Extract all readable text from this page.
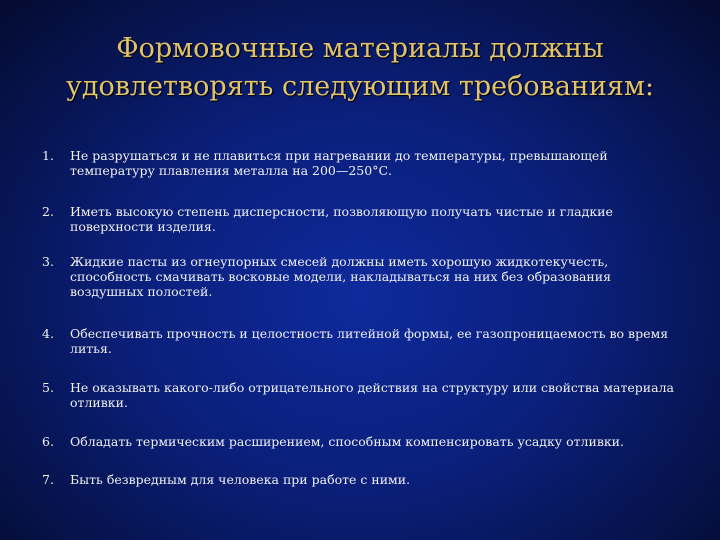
Формовочные материалы должны
удовлетворять следующим требованиям:
1.	Не разрушаться и не плавиться при нагревании до температуры, превышающей температуру плавления металла на 200—250°С.
2.	Иметь высокую степень дисперсности, позволяющую получать чистые и гладкие поверхности изделия.
3.	Жидкие пасты из огнеупорных смесей должны иметь хорошую жидкотекучесть, способность смачивать восковые модели, накладываться на них без образования воздушных полостей.
4.	Обеспечивать прочность и целостность литейной формы, ее газопроницаемость во время литья.
5.	Не оказывать какого-либо отрицательного действия на структуру или свойства материала отливки.
6.	Обладать термическим расширением, способным компенсировать усадку отливки.
7.	Быть безвредным для человека при работе с ними.
